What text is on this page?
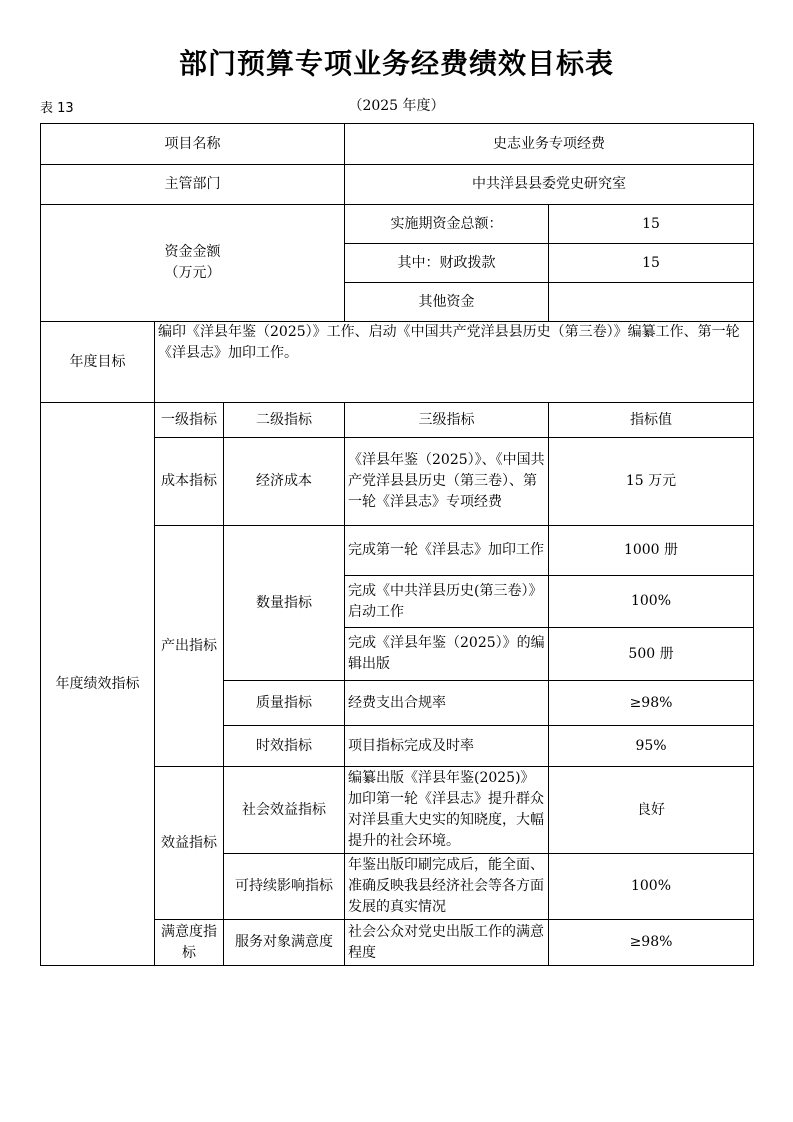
部门预算专项业务经费绩效目标表
表 13	（2025 年度）
项目名称			史志业务专项经费	
主管部门			中共洋县县委党史研究室	
资金金额
（万元）			实施期资金总额：	15
			其中：财政拨款	15
			其他资金	
年度目标	编印《洋县年鉴（2025）》工作、启动《中国共产党洋县县历史（第三卷）》编纂工作、第一轮《洋县志》加印工作。			
年度绩效指标	一级指标	二级指标	三级指标	指标值
	成本指标	经济成本	《洋县年鉴（2025）》、《中国共产党洋县县历史（第三卷）、第一轮《洋县志》专项经费	15 万元
	产出指标	数量指标	完成第一轮《洋县志》加印工作	1000 册
			完成《中共洋县历史(第三卷）》启动工作	100%
			完成《洋县年鉴（2025）》的编辑出版	500 册
		质量指标	经费支出合规率	≥98%
		时效指标	项目指标完成及时率	95%
	效益指标	社会效益指标	编纂出版《洋县年鉴(2025)》加印第一轮《洋县志》提升群众对洋县重大史实的知晓度，大幅提升的社会环境。	良好
		可持续影响指标	年鉴出版印刷完成后，能全面、准确反映我县经济社会等各方面发展的真实情况	100%
	满意度指标	服务对象满意度	社会公众对党史出版工作的满意程度	≥98%
